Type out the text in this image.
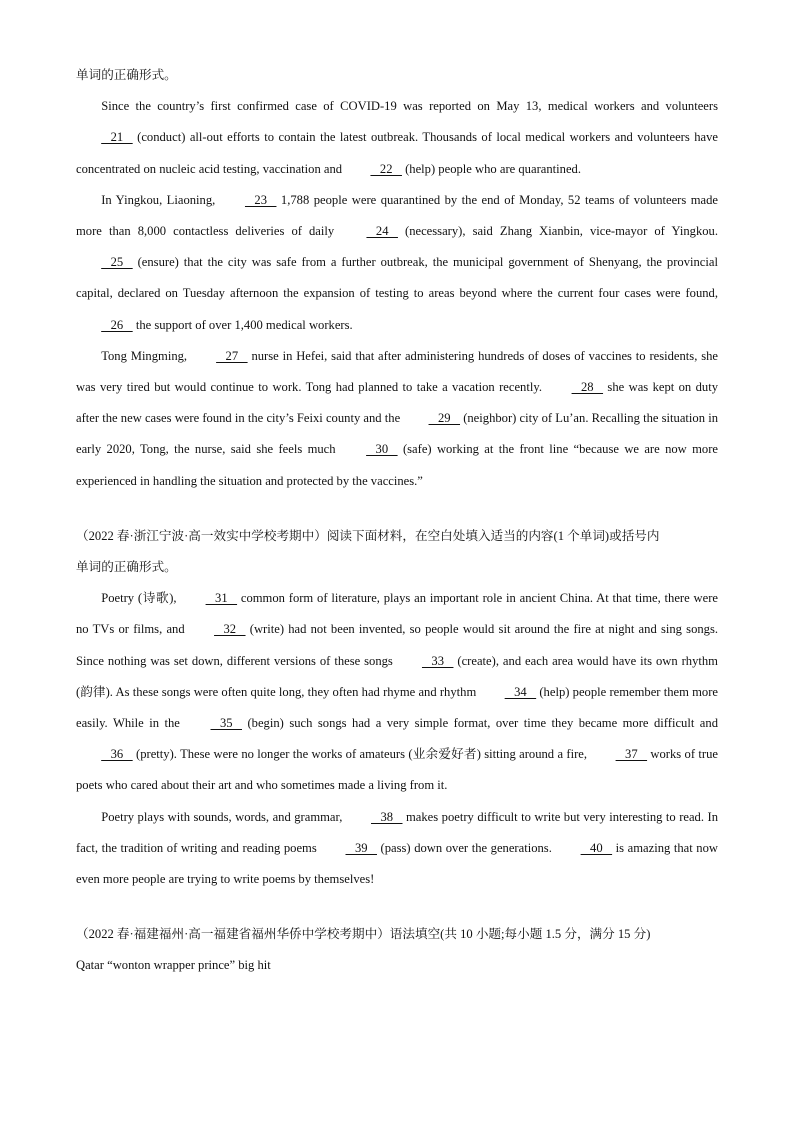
单词的正确形式。

Since the country’s first confirmed case of COVID-19 was reported on May 13, medical workers and volunteers    21    (conduct) all-out efforts to contain the latest outbreak. Thousands of local medical workers and volunteers have concentrated on nucleic acid testing, vaccination and    22    (help) people who are quarantined.

In Yingkou, Liaoning,    23    1,788 people were quarantined by the end of Monday, 52 teams of volunteers made more than 8,000 contactless deliveries of daily    24    (necessary), said Zhang Xianbin, vice-mayor of Yingkou.    25    (ensure) that the city was safe from a further outbreak, the municipal government of Shenyang, the provincial capital, declared on Tuesday afternoon the expansion of testing to areas beyond where the current four cases were found,    26    the support of over 1,400 medical workers.

Tong Mingming,    27    nurse in Hefei, said that after administering hundreds of doses of vaccines to residents, she was very tired but would continue to work. Tong had planned to take a vacation recently.    28    she was kept on duty after the new cases were found in the city’s Feixi county and the    29    (neighbor) city of Lu’an. Recalling the situation in early 2020, Tong, the nurse, said she feels much    30    (safe) working at the front line “because we are now more experienced in handling the situation and protected by the vaccines.”

（2022 春·浙江宁波·高一效实中学校考期中）阅读下面材料，在空白处填入适当的内容(1 个单词)或括号内
单词的正确形式。

Poetry (诗歌),    31    common form of literature, plays an important role in ancient China. At that time, there were no TVs or films, and    32    (write) had not been invented, so people would sit around the fire at night and sing songs. Since nothing was set down, different versions of these songs    33    (create), and each area would have its own rhythm (韵律). As these songs were often quite long, they often had rhyme and rhythm    34    (help) people remember them more easily. While in the    35    (begin) such songs had a very simple format, over time they became more difficult and    36    (pretty). These were no longer the works of amateurs (业余爱好者) sitting around a fire,    37    works of true poets who cared about their art and who sometimes made a living from it.

Poetry plays with sounds, words, and grammar,    38    makes poetry difficult to write but very interesting to read. In fact, the tradition of writing and reading poems    39    (pass) down over the generations.    40    is amazing that now even more people are trying to write poems by themselves!

（2022 春·福建福州·高一福建省福州华侨中学校考期中）语法填空(共 10 小题;每小题 1.5 分，满分 15 分)
Qatar “wonton wrapper prince” big hit
